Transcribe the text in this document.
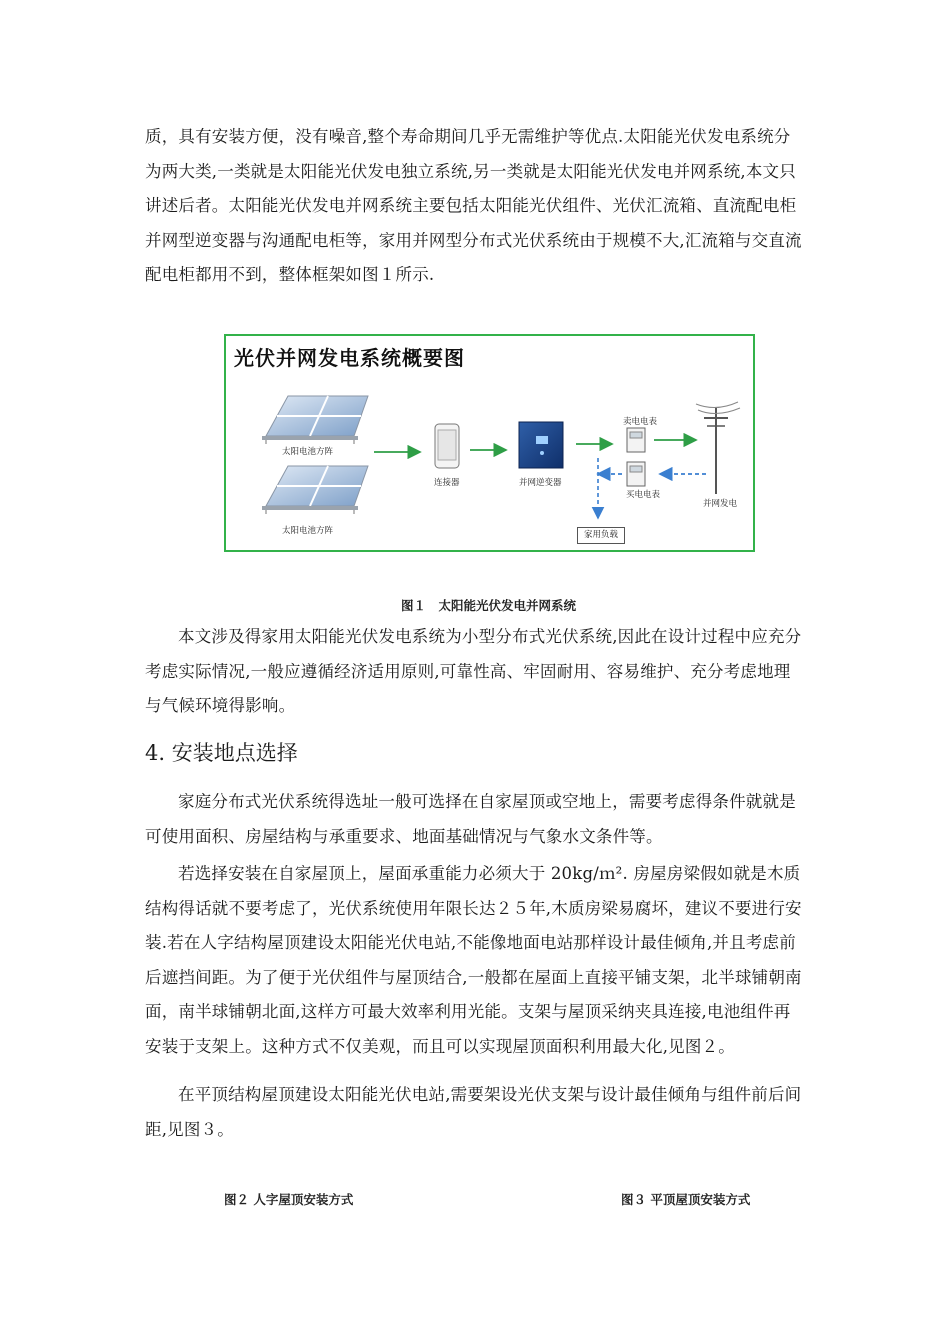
质，具有安装方便，没有噪音,整个寿命期间几乎无需维护等优点.太阳能光伏发电系统分
为两大类,一类就是太阳能光伏发电独立系统,另一类就是太阳能光伏发电并网系统,本文只
讲述后者。太阳能光伏发电并网系统主要包括太阳能光伏组件、光伏汇流箱、直流配电柜
并网型逆变器与沟通配电柜等，家用并网型分布式光伏系统由于规模不大,汇流箱与交直流
配电柜都用不到，整体框架如图１所示.
光伏并网发电系统概要图
太阳电池方阵
太阳电池方阵
连接器	并网逆变器
卖电电表
买电电表
并网发电
家用负载
图１　太阳能光伏发电并网系统
本文涉及得家用太阳能光伏发电系统为小型分布式光伏系统,因此在设计过程中应充分
考虑实际情况,一般应遵循经济适用原则,可靠性高、牢固耐用、容易维护、充分考虑地理
与气候环境得影响。
4. 安装地点选择
家庭分布式光伏系统得选址一般可选择在自家屋顶或空地上，需要考虑得条件就就是
可使用面积、房屋结构与承重要求、地面基础情况与气象水文条件等。
若选择安装在自家屋顶上，屋面承重能力必须大于 20kg/ｍ². 房屋房梁假如就是木质
结构得话就不要考虑了，光伏系统使用年限长达２５年,木质房梁易腐坏，建议不要进行安
装.若在人字结构屋顶建设太阳能光伏电站,不能像地面电站那样设计最佳倾角,并且考虑前
后遮挡间距。为了便于光伏组件与屋顶结合,一般都在屋面上直接平铺支架，北半球铺朝南
面，南半球铺朝北面,这样方可最大效率利用光能。支架与屋顶采纳夹具连接,电池组件再
安装于支架上。这种方式不仅美观，而且可以实现屋顶面积利用最大化,见图２。
在平顶结构屋顶建设太阳能光伏电站,需要架设光伏支架与设计最佳倾角与组件前后间
距,见图３。
图２ 人字屋顶安装方式	图３ 平顶屋顶安装方式
